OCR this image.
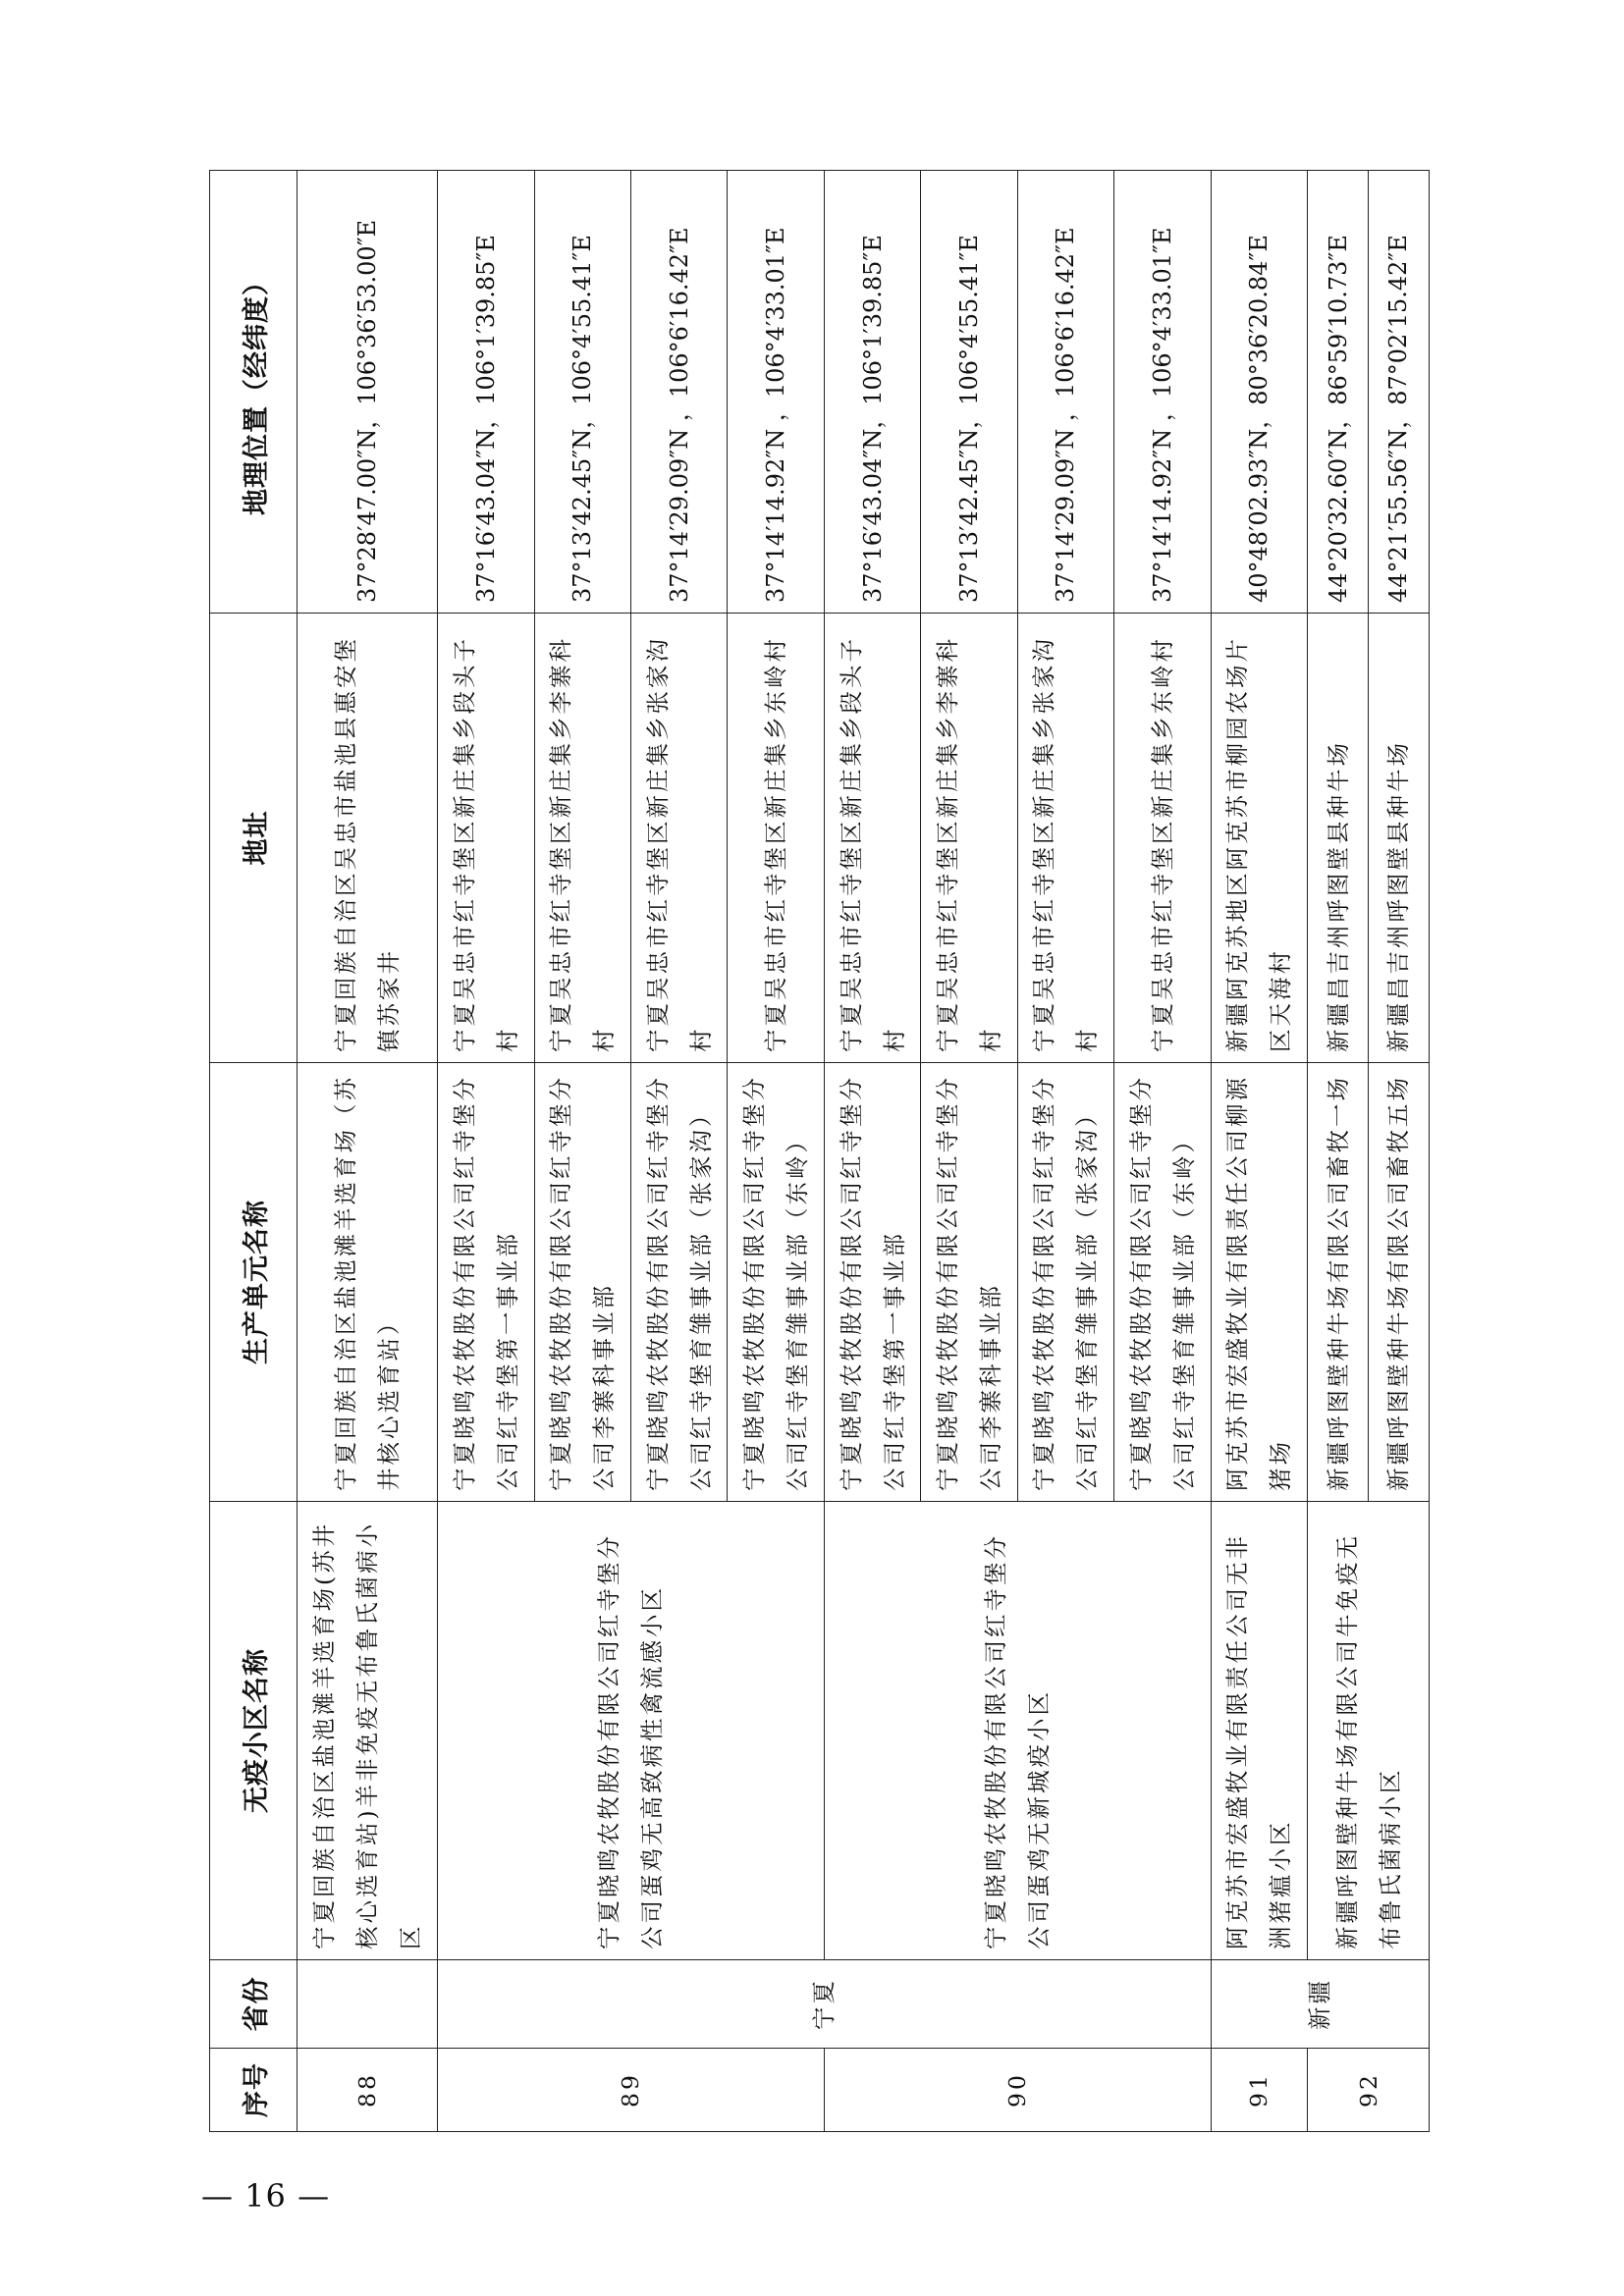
序号	省份	无疫小区名称	生产单元名称	地址	地理位置（经纬度）
88		宁夏回族自治区盐池滩羊选育场(苏井核心选育站)羊非免疫无布鲁氏菌病小区	宁夏回族自治区盐池滩羊选育场（苏井核心选育站）	宁夏回族自治区吴忠市盐池县惠安堡镇苏家井	37°28′47.00″N，106°36′53.00″E
89	宁夏	宁夏晓鸣农牧股份有限公司红寺堡分公司蛋鸡无高致病性禽流感小区	宁夏晓鸣农牧股份有限公司红寺堡分公司红寺堡第一事业部	宁夏吴忠市红寺堡区新庄集乡段头子村	37°16′43.04″N，106°1′39.85″E
			宁夏晓鸣农牧股份有限公司红寺堡分公司李寨科事业部	宁夏吴忠市红寺堡区新庄集乡李寨科村	37°13′42.45″N，106°4′55.41″E
			宁夏晓鸣农牧股份有限公司红寺堡分公司红寺堡育雏事业部（张家沟）	宁夏吴忠市红寺堡区新庄集乡张家沟村	37°14′29.09″N ，106°6′16.42″E
			宁夏晓鸣农牧股份有限公司红寺堡分公司红寺堡育雏事业部（东岭）	宁夏吴忠市红寺堡区新庄集乡东岭村	37°14′14.92″N ，106°4′33.01″E
90		宁夏晓鸣农牧股份有限公司红寺堡分公司蛋鸡无新城疫小区	宁夏晓鸣农牧股份有限公司红寺堡分公司红寺堡第一事业部	宁夏吴忠市红寺堡区新庄集乡段头子村	37°16′43.04″N，106°1′39.85″E
			宁夏晓鸣农牧股份有限公司红寺堡分公司李寨科事业部	宁夏吴忠市红寺堡区新庄集乡李寨科村	37°13′42.45″N，106°4′55.41″E
			宁夏晓鸣农牧股份有限公司红寺堡分公司红寺堡育雏事业部（张家沟）	宁夏吴忠市红寺堡区新庄集乡张家沟村	37°14′29.09″N ，106°6′16.42″E
			宁夏晓鸣农牧股份有限公司红寺堡分公司红寺堡育雏事业部（东岭）	宁夏吴忠市红寺堡区新庄集乡东岭村	37°14′14.92″N ，106°4′33.01″E
91	新疆	阿克苏市宏盛牧业有限责任公司无非洲猪瘟小区	阿克苏市宏盛牧业有限责任公司柳源猪场	新疆阿克苏地区阿克苏市柳园农场片区天海村	40°48′02.93″N，80°36′20.84″E
92		新疆呼图壁种牛场有限公司牛免疫无布鲁氏菌病小区	新疆呼图壁种牛场有限公司畜牧一场	新疆昌吉州呼图壁县种牛场	44°20′32.60″N，86°59′10.73″E
			新疆呼图壁种牛场有限公司畜牧五场	新疆昌吉州呼图壁县种牛场	44°21′55.56″N，87°02′15.42″E
— 16 —
